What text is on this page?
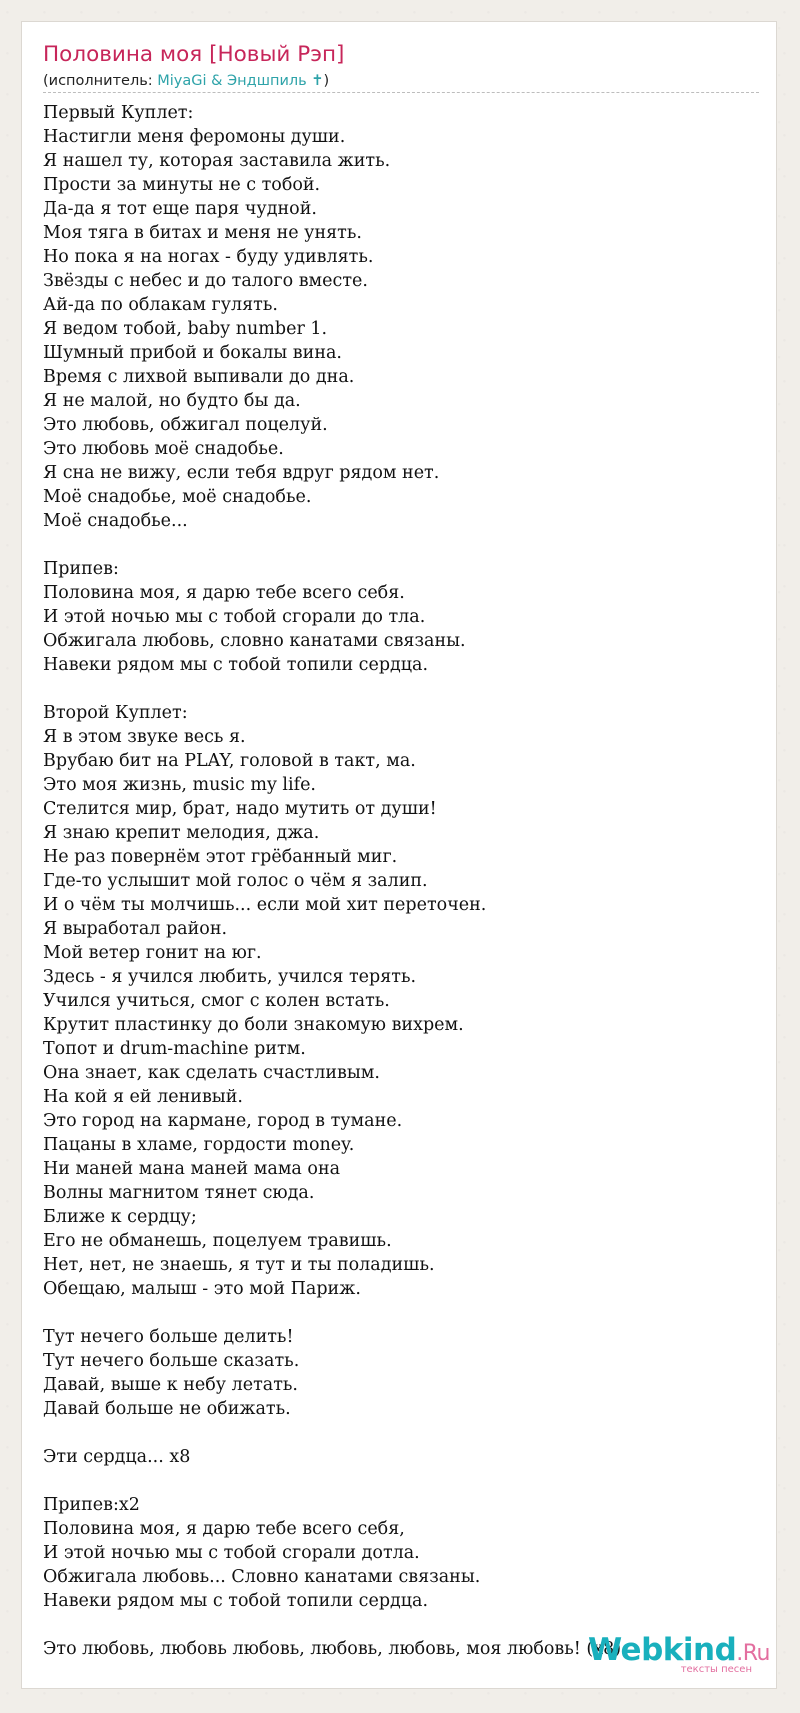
Половина моя [Новый Рэп]
(исполнитель: MiyaGi & Эндшпиль ✝)
Первый Куплет:
Настигли меня феромоны души.
Я нашел ту, которая заставила жить.
Прости за минуты не с тобой.
Да-да я тот еще паря чудной.
Моя тяга в битах и меня не унять.
Но пока я на ногах - буду удивлять.
Звёзды с небес и до талого вместе.
Ай-да по облакам гулять.
Я ведом тобой, baby number 1.
Шумный прибой и бокалы вина.
Время с лихвой выпивали до дна.
Я не малой, но будто бы да.
Это любовь, обжигал поцелуй.
Это любовь моё снадобье.
Я сна не вижу, если тебя вдруг рядом нет.
Моё снадобье, моё снадобье.
Моё снадобье...
Припев:
Половина моя, я дарю тебе всего себя.
И этой ночью мы с тобой сгорали до тла.
Обжигала любовь, словно канатами связаны.
Навеки рядом мы с тобой топили сердца.
Второй Куплет:
Я в этом звуке весь я.
Врубаю бит на PLAY, головой в такт, ма.
Это моя жизнь, music my life.
Стелится мир, брат, надо мутить от души!
Я знаю крепит мелодия, джа.
Не раз повернём этот грёбанный миг.
Где-то услышит мой голос о чём я залип.
И о чём ты молчишь... если мой хит переточен.
Я выработал район.
Мой ветер гонит на юг.
Здесь - я учился любить, учился терять.
Учился учиться, смог с колен встать.
Крутит пластинку до боли знакомую вихрем.
Топот и drum-machine ритм.
Она знает, как сделать счастливым.
На кой я ей ленивый.
Это город на кармане, город в тумане.
Пацаны в хламе, гордости money.
Ни маней мана маней мама она
Волны магнитом тянет сюда.
Ближе к сердцу;
Его не обманешь, поцелуем травишь.
Нет, нет, не знаешь, я тут и ты поладишь.
Обещаю, малыш - это мой Париж.
Тут нечего больше делить!
Тут нечего больше сказать.
Давай, выше к небу летать.
Давай больше не обижать.
Эти сердца... x8
Припев:x2
Половина моя, я дарю тебе всего себя,
И этой ночью мы с тобой сгорали дотла.
Обжигала любовь... Словно канатами связаны.
Навеки рядом мы с тобой топили сердца.
Это любовь, любовь любовь, любовь, любовь, моя любовь! (x8)
Webkind.Ru
тексты песен
